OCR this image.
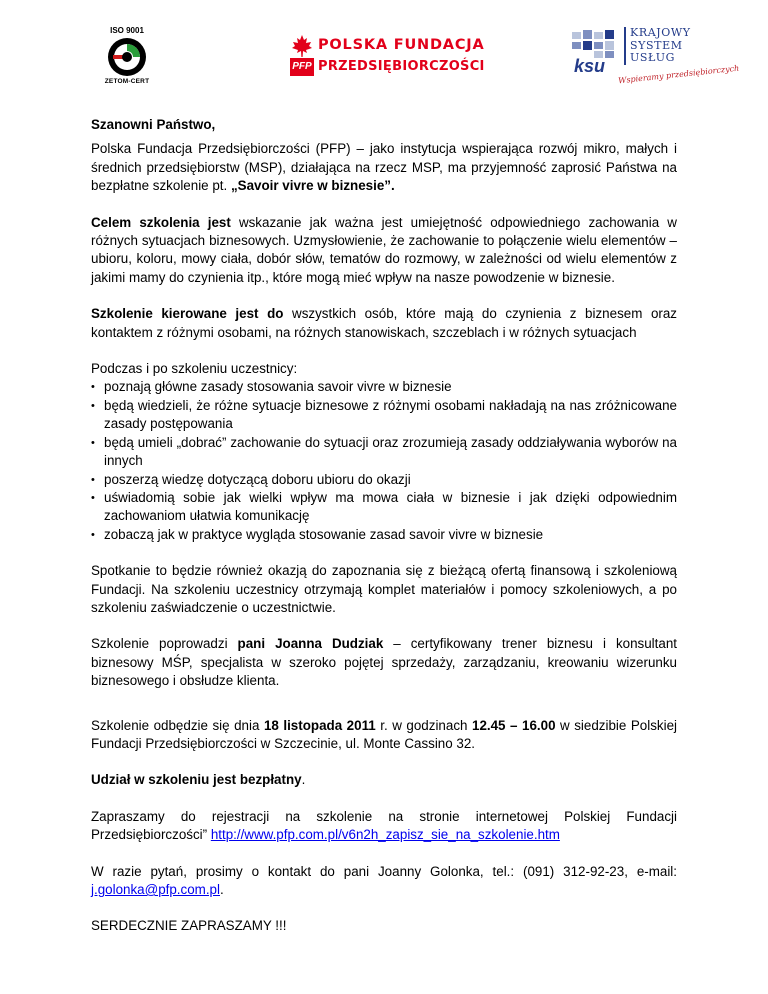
ISO 9001
ZETOM-CERT
PFP
POLSKA FUNDACJA
PRZEDSIĘBIORCZOŚCI	ksu
KRAJOWY
SYSTEM
USŁUG
Wspieramy przedsiębiorczych

Szanowni Państwo,

Polska Fundacja Przedsiębiorczości (PFP) – jako instytucja wspierająca rozwój mikro, małych i średnich przedsiębiorstw (MSP), działająca na rzecz MSP, ma przyjemność zaprosić Państwa na bezpłatne szkolenie pt. „Savoir vivre w biznesie”.

Celem szkolenia jest wskazanie jak ważna jest umiejętność odpowiedniego zachowania w różnych sytuacjach biznesowych. Uzmysłowienie, że zachowanie to połączenie wielu elementów – ubioru, koloru, mowy ciała, dobór słów, tematów do rozmowy, w zależności od wielu elementów z jakimi mamy do czynienia itp., które mogą mieć wpływ na nasze powodzenie w biznesie.

Szkolenie kierowane jest do wszystkich osób, które mają do czynienia z biznesem oraz kontaktem z różnymi osobami, na różnych stanowiskach, szczeblach i w różnych sytuacjach

Podczas i po szkoleniu uczestnicy:

• poznają główne zasady stosowania savoir vivre w biznesie
• będą wiedzieli, że różne sytuacje biznesowe z różnymi osobami nakładają na nas zróżnicowane zasady postępowania
• będą umieli „dobrać” zachowanie do sytuacji oraz zrozumieją zasady oddziaływania wyborów na innych
• poszerzą wiedzę dotyczącą doboru ubioru do okazji
• uświadomią sobie jak wielki wpływ ma mowa ciała w biznesie i jak dzięki odpowiednim zachowaniom ułatwia komunikację
• zobaczą jak w praktyce wygląda stosowanie zasad savoir vivre w biznesie

Spotkanie to będzie również okazją do zapoznania się z bieżącą ofertą finansową i szkoleniową Fundacji. Na szkoleniu uczestnicy otrzymają komplet materiałów i pomocy szkoleniowych, a po szkoleniu zaświadczenie o uczestnictwie.

Szkolenie poprowadzi pani Joanna Dudziak – certyfikowany trener biznesu i konsultant biznesowy MŚP, specjalista w szeroko pojętej sprzedaży, zarządzaniu, kreowaniu wizerunku biznesowego i obsłudze klienta.

Szkolenie odbędzie się dnia 18 listopada 2011 r. w godzinach 12.45 – 16.00 w siedzibie Polskiej Fundacji Przedsiębiorczości w Szczecinie, ul. Monte Cassino 32.

Udział w szkoleniu jest bezpłatny.

Zapraszamy do rejestracji na szkolenie na stronie internetowej Polskiej Fundacji Przedsiębiorczości” http://www.pfp.com.pl/v6n2h_zapisz_sie_na_szkolenie.htm

W razie pytań, prosimy o kontakt do pani Joanny Golonka, tel.: (091) 312-92-23, e-mail: j.golonka@pfp.com.pl.

SERDECZNIE ZAPRASZAMY !!!
